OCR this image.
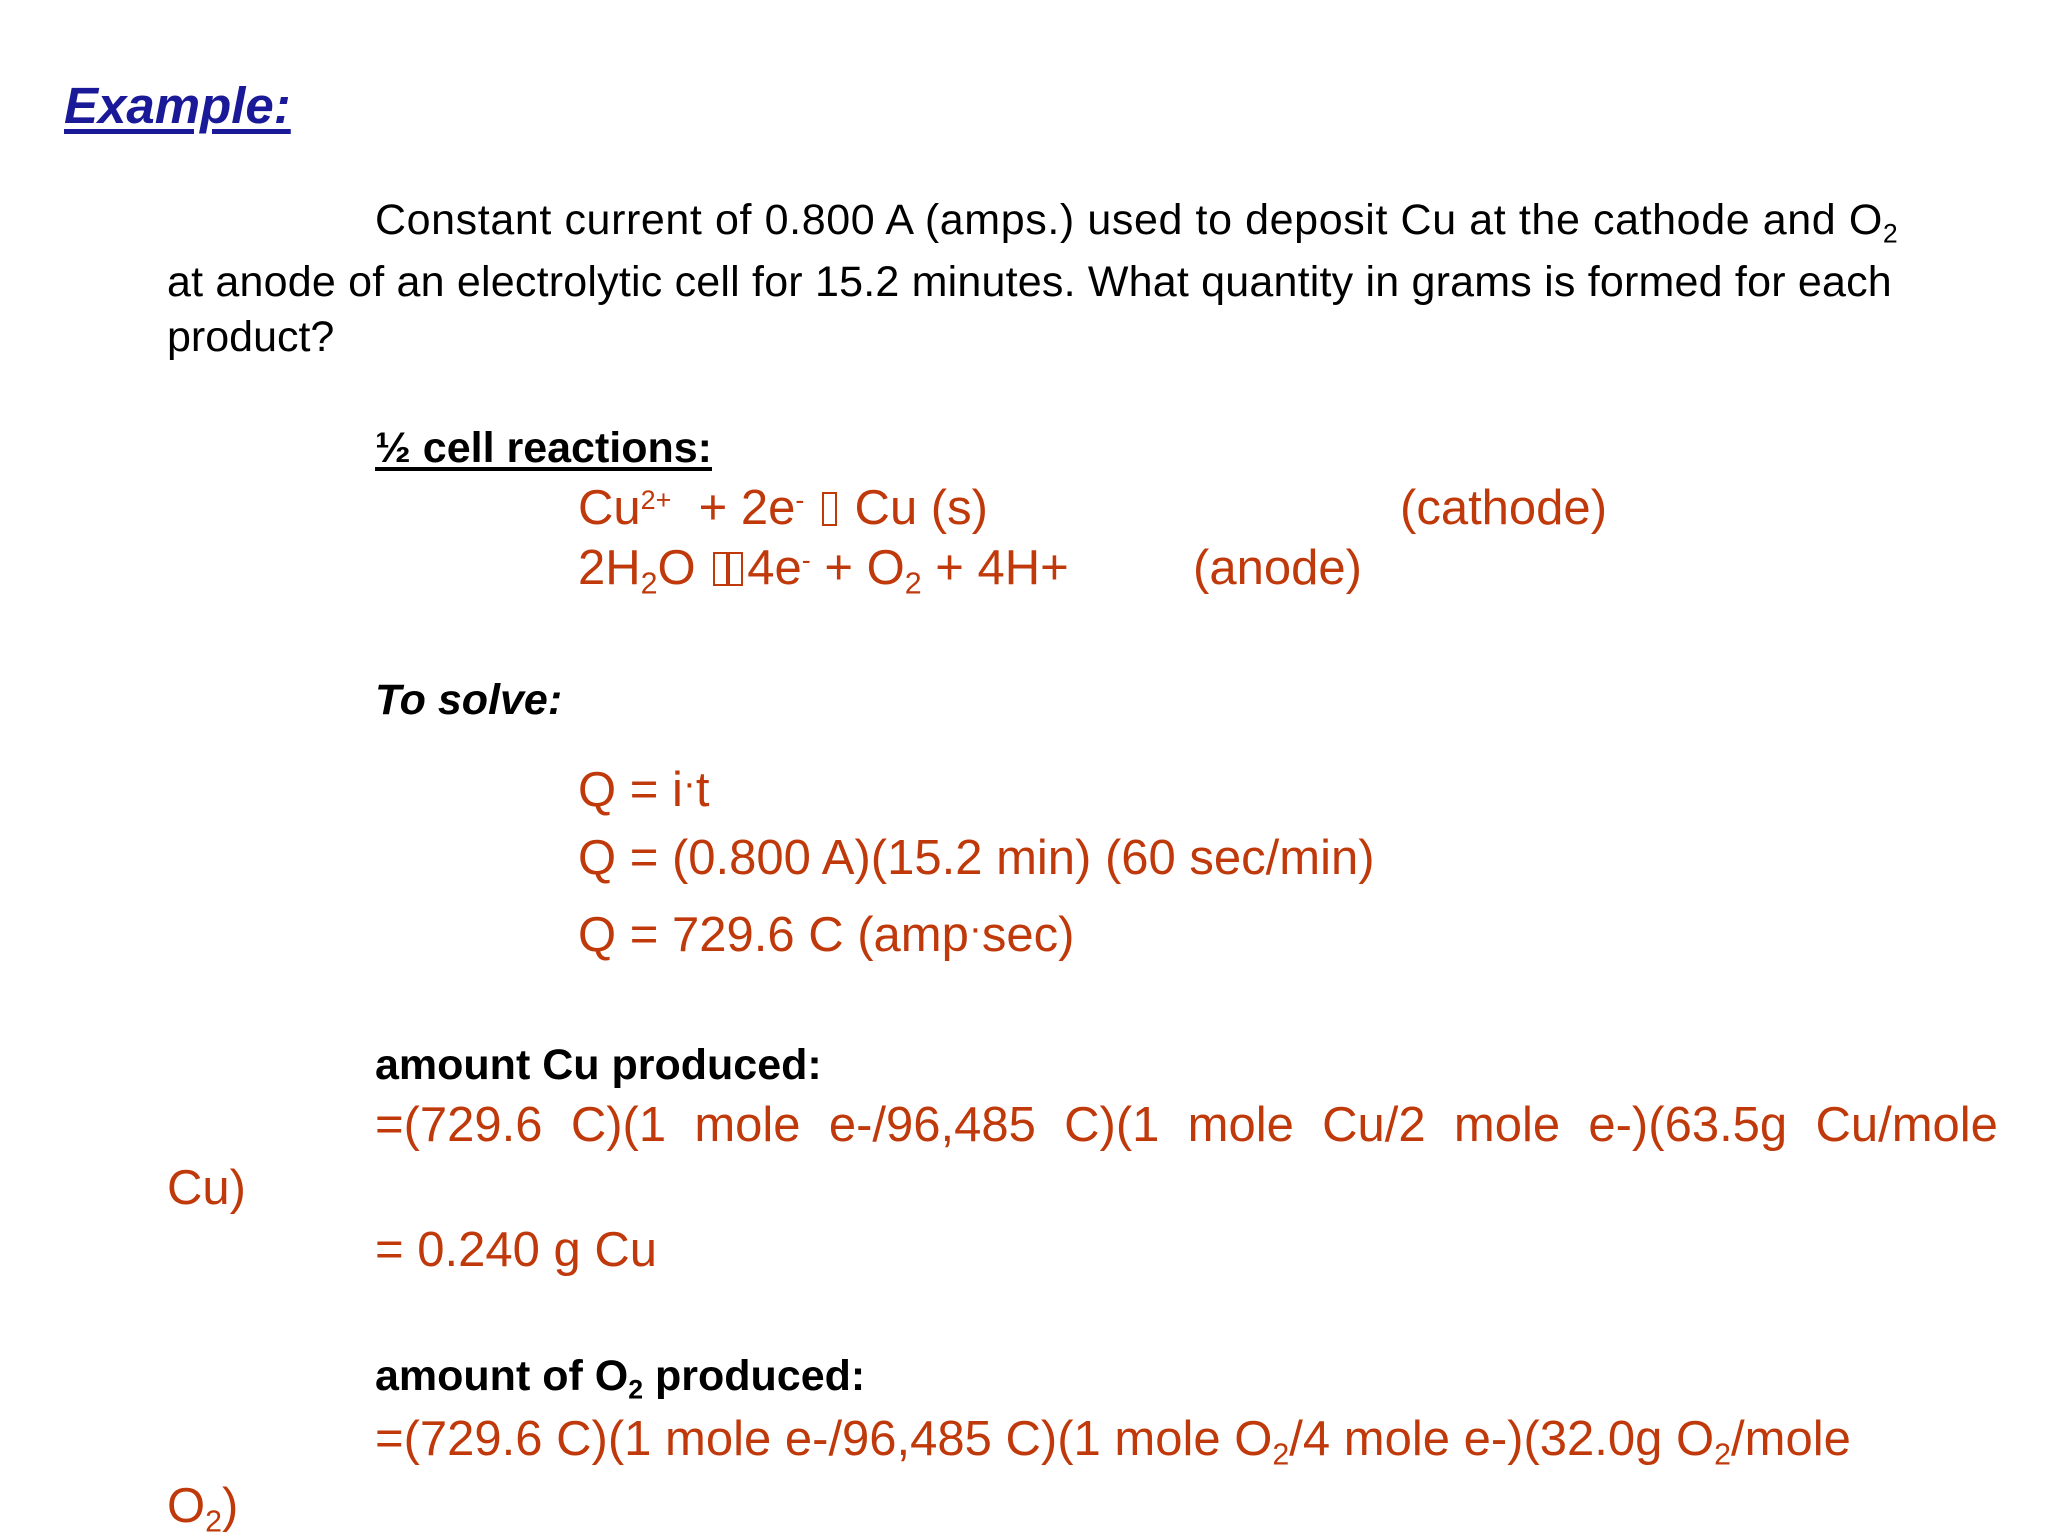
Example:
Constant current of 0.800 A (amps.) used to deposit Cu at the cathode and $O_2$
at anode of an electrolytic cell for 15.2 minutes. What quantity in grams is formed for each
product?
½ cell reactions:
$Cu^{2+} + 2e^-$  Cu (s)	(cathode)
$2H_2O$ $4e^- + O_2 + 4H+$	(anode)
To solve:
Q = i·t
Q = (0.800 A)(15.2 min) (60 sec/min)
Q = 729.6 C (amp·sec)
amount Cu produced:
=(729.6 C)(1 mole e-/96,485 C)(1 mole Cu/2 mole e-)(63.5g Cu/mole
Cu)
= 0.240 g Cu
amount of $O_2$ produced:
=(729.6 C)(1 mole e-/96,485 C)(1 mole $O_2/4$ mole e-)(32.0g $O_2$/mole
$O_2$)
